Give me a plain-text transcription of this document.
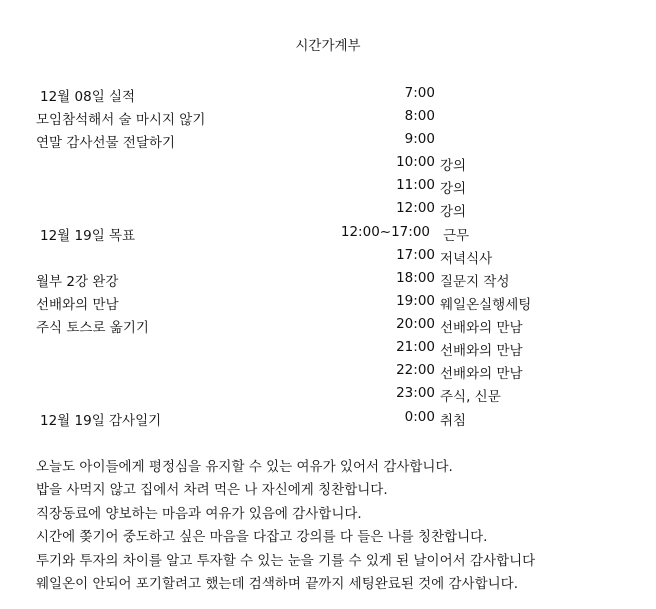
시간가계부
12월 08일 실적
모임참석해서 술 마시지 않기
연말 감사선물 전달하기
12월 19일 목표
월부 2강 완강
선배와의 만남
주식 토스로 옮기기
12월 19일 감사일기
7:00
8:00
9:00
10:00
11:00
12:00
12:00~17:00
17:00
18:00
19:00
20:00
21:00
22:00
23:00
0:00
강의
강의
강의
근무
저녁식사
질문지 작성
웨일온실행세팅
선배와의 만남
선배와의 만남
선배와의 만남
주식, 신문
취침
오늘도 아이들에게 평정심을 유지할 수 있는 여유가 있어서 감사합니다.
밥을 사먹지 않고 집에서 차려 먹은 나 자신에게 칭찬합니다.
직장동료에 양보하는 마음과 여유가 있음에 감사합니다.
시간에 쫒기어 중도하고 싶은 마음을 다잡고 강의를 다 들은 나를 칭찬합니다.
투기와 투자의 차이를 알고 투자할 수 있는 눈을 기를 수 있게 된 날이어서 감사합니다
웨일온이 안되어 포기할려고 했는데 검색하며 끝까지 세팅완료된 것에 감사합니다.
